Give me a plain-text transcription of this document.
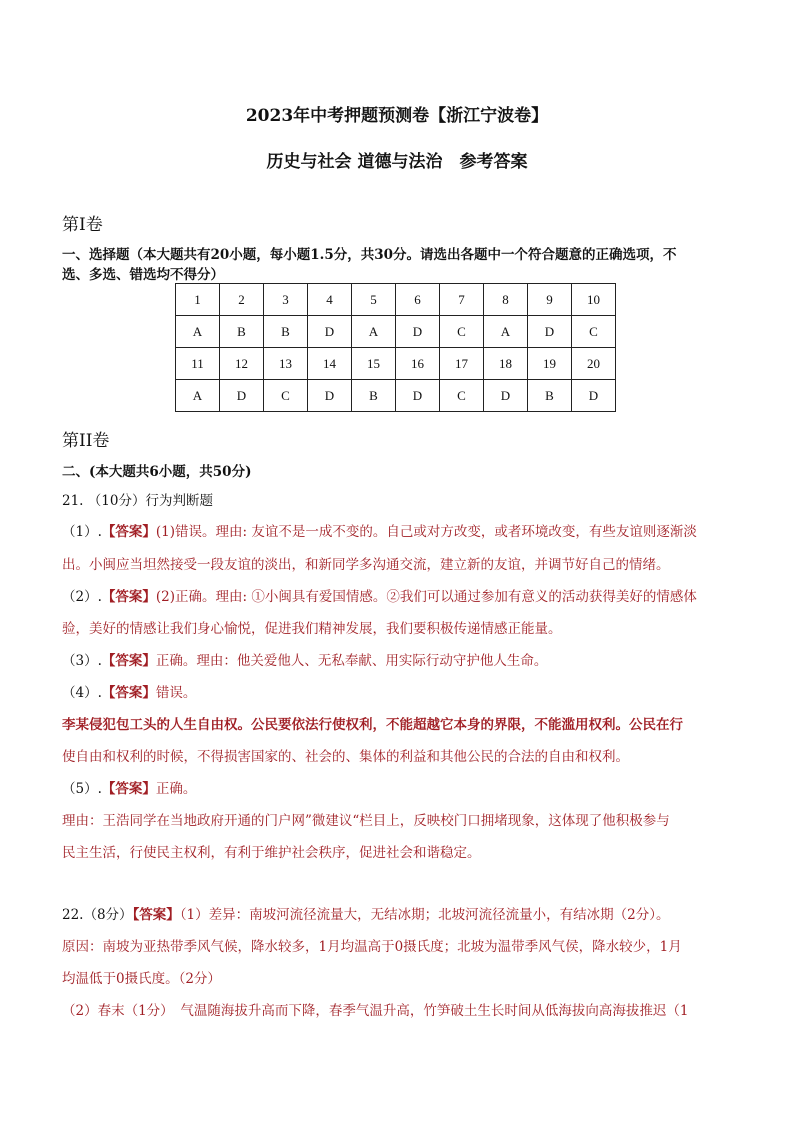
2023年中考押题预测卷【浙江宁波卷】
历史与社会 道德与法治　参考答案
第Ⅰ卷
一、选择题（本大题共有20小题，每小题1.5分，共30分。请选出各题中一个符合题意的正确选项，不
选、多选、错选均不得分）
1	2	3	4	5	6	7	8	9	10
A	B	B	D	A	D	C	A	D	C
11	12	13	14	15	16	17	18	19	20
A	D	C	D	B	D	C	D	B	D
第II卷
二、(本大题共6小题，共50分)
21. （10分）行为判断题
（1）.【答案】(1)错误。理由: 友谊不是一成不变的。自己或对方改变，或者环境改变，有些友谊则逐渐淡
出。小闽应当坦然接受一段友谊的淡出，和新同学多沟通交流，建立新的友谊，并调节好自己的情绪。
（2）.【答案】(2)正确。理由: ①小闽具有爱国情感。②我们可以通过参加有意义的活动获得美好的情感体
验，美好的情感让我们身心愉悦，促进我们精神发展，我们要积极传递情感正能量。
（3）.【答案】正确。理由：他关爱他人、无私奉献、用实际行动守护他人生命。
（4）.【答案】错误。
李某侵犯包工头的人生自由权。公民要依法行使权利，不能超越它本身的界限，不能滥用权利。公民在行
使自由和权利的时候，不得损害国家的、社会的、集体的利益和其他公民的合法的自由和权利。
（5）.【答案】正确。
理由：王浩同学在当地政府开通的门户网”微建议“栏目上，反映校门口拥堵现象，这体现了他积极参与
民主生活，行使民主权利，有利于维护社会秩序，促进社会和谐稳定。
22.（8分）【答案】（1）差异：南坡河流径流量大，无结冰期；北坡河流径流量小，有结冰期（2分）。
原因：南坡为亚热带季风气候，降水较多，1月均温高于0摄氏度；北坡为温带季风气侯，降水较少，1月
均温低于0摄氏度。（2分）
（2）春末（1分）　气温随海拔升高而下降，春季气温升高，竹笋破土生长时间从低海拔向高海拔推迟（1
